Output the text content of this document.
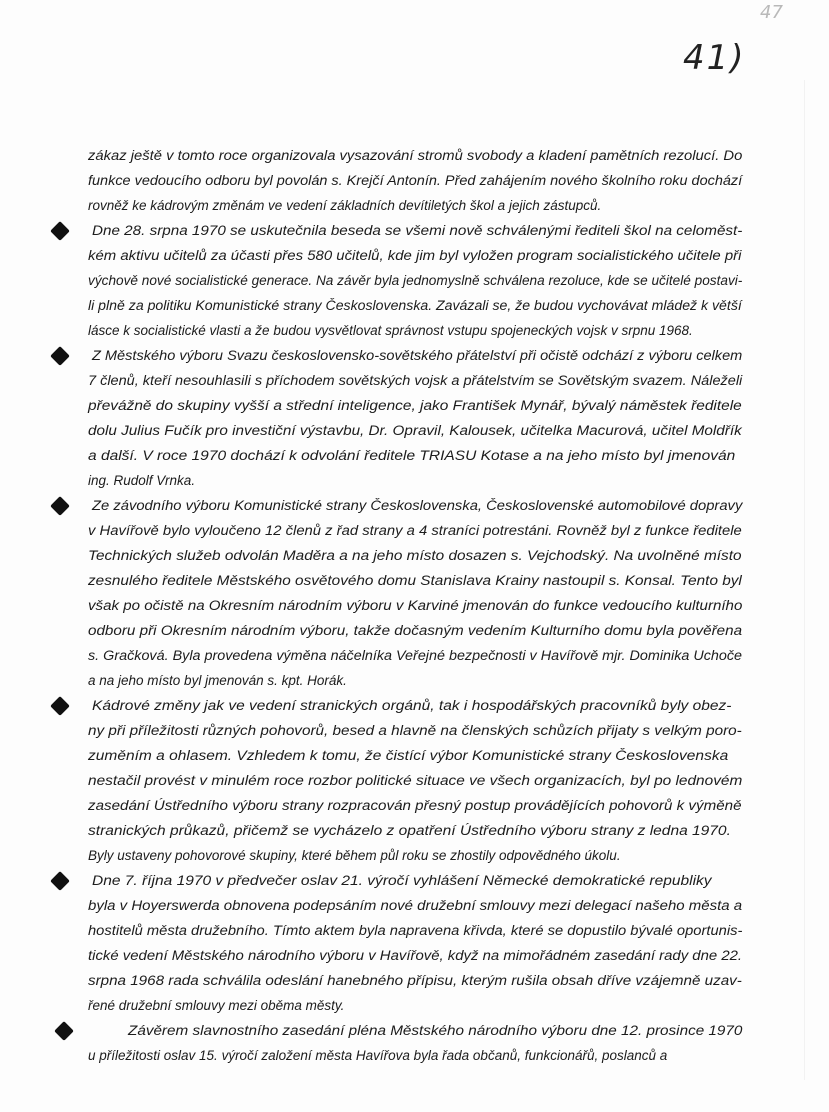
47
41)
zákaz ještě v tomto roce organizovala vysazování stromů svobody a kladení pamětních rezolucí. Do
funkce vedoucího odboru byl povolán s. Krejčí Antonín. Před zahájením nového školního roku dochází
rovněž ke kádrovým změnám ve vedení základních devítiletých škol a jejich zástupců.
Dne 28. srpna 1970 se uskutečnila beseda se všemi nově schválenými řediteli škol na celoměst-
kém aktivu učitelů za účasti přes 580 učitelů, kde jim byl vyložen program socialistického učitele při
výchově nové socialistické generace. Na závěr byla jednomyslně schválena rezoluce, kde se učitelé postavi-
li plně za politiku Komunistické strany Československa. Zavázali se, že budou vychovávat mládež k větší
lásce k socialistické vlasti a že budou vysvětlovat správnost vstupu spojeneckých vojsk v srpnu 1968.
Z Městského výboru Svazu československo-sovětského přátelství při očistě odchází z výboru celkem
7 členů, kteří nesouhlasili s příchodem sovětských vojsk a přátelstvím se Sovětským svazem. Náleželi
převážně do skupiny vyšší a střední inteligence, jako František Mynář, bývalý náměstek ředitele
dolu Julius Fučík pro investiční výstavbu, Dr. Opravil, Kalousek, učitelka Macurová, učitel Moldřík
a další. V roce 1970 dochází k odvolání ředitele TRIASU Kotase a na jeho místo byl jmenován
ing. Rudolf Vrnka.
Ze závodního výboru Komunistické strany Československa, Československé automobilové dopravy
v Havířově bylo vyloučeno 12 členů z řad strany a 4 straníci potrestáni. Rovněž byl z funkce ředitele
Technických služeb odvolán Maděra a na jeho místo dosazen s. Vejchodský. Na uvolněné místo
zesnulého ředitele Městského osvětového domu Stanislava Krainy nastoupil s. Konsal. Tento byl
však po očistě na Okresním národním výboru v Karviné jmenován do funkce vedoucího kulturního
odboru při Okresním národním výboru, takže dočasným vedením Kulturního domu byla pověřena
s. Gračková. Byla provedena výměna náčelníka Veřejné bezpečnosti v Havířově mjr. Dominika Uchoče
a na jeho místo byl jmenován s. kpt. Horák.
Kádrové změny jak ve vedení stranických orgánů, tak i hospodářských pracovníků byly obez-
ny při příležitosti různých pohovorů, besed a hlavně na členských schůzích přijaty s velkým poro-
zuměním a ohlasem. Vzhledem k tomu, že čistící výbor Komunistické strany Československa
nestačil provést v minulém roce rozbor politické situace ve všech organizacích, byl po lednovém
zasedání Ústředního výboru strany rozpracován přesný postup provádějících pohovorů k výměně
stranických průkazů, přičemž se vycházelo z opatření Ústředního výboru strany z ledna 1970.
Byly ustaveny pohovorové skupiny, které během půl roku se zhostily odpovědného úkolu.
Dne 7. října 1970 v předvečer oslav 21. výročí vyhlášení Německé demokratické republiky
byla v Hoyerswerda obnovena podepsáním nové družební smlouvy mezi delegací našeho města a
hostitelů města družebního. Tímto aktem byla napravena křivda, které se dopustilo bývalé oportunis-
tické vedení Městského národního výboru v Havířově, když na mimořádném zasedání rady dne 22.
srpna 1968 rada schválila odeslání hanebného přípisu, kterým rušila obsah dříve vzájemně uzav-
řené družební smlouvy mezi oběma městy.
Závěrem slavnostního zasedání pléna Městského národního výboru dne 12. prosince 1970
u příležitosti oslav 15. výročí založení města Havířova byla řada občanů, funkcionářů, poslanců a
